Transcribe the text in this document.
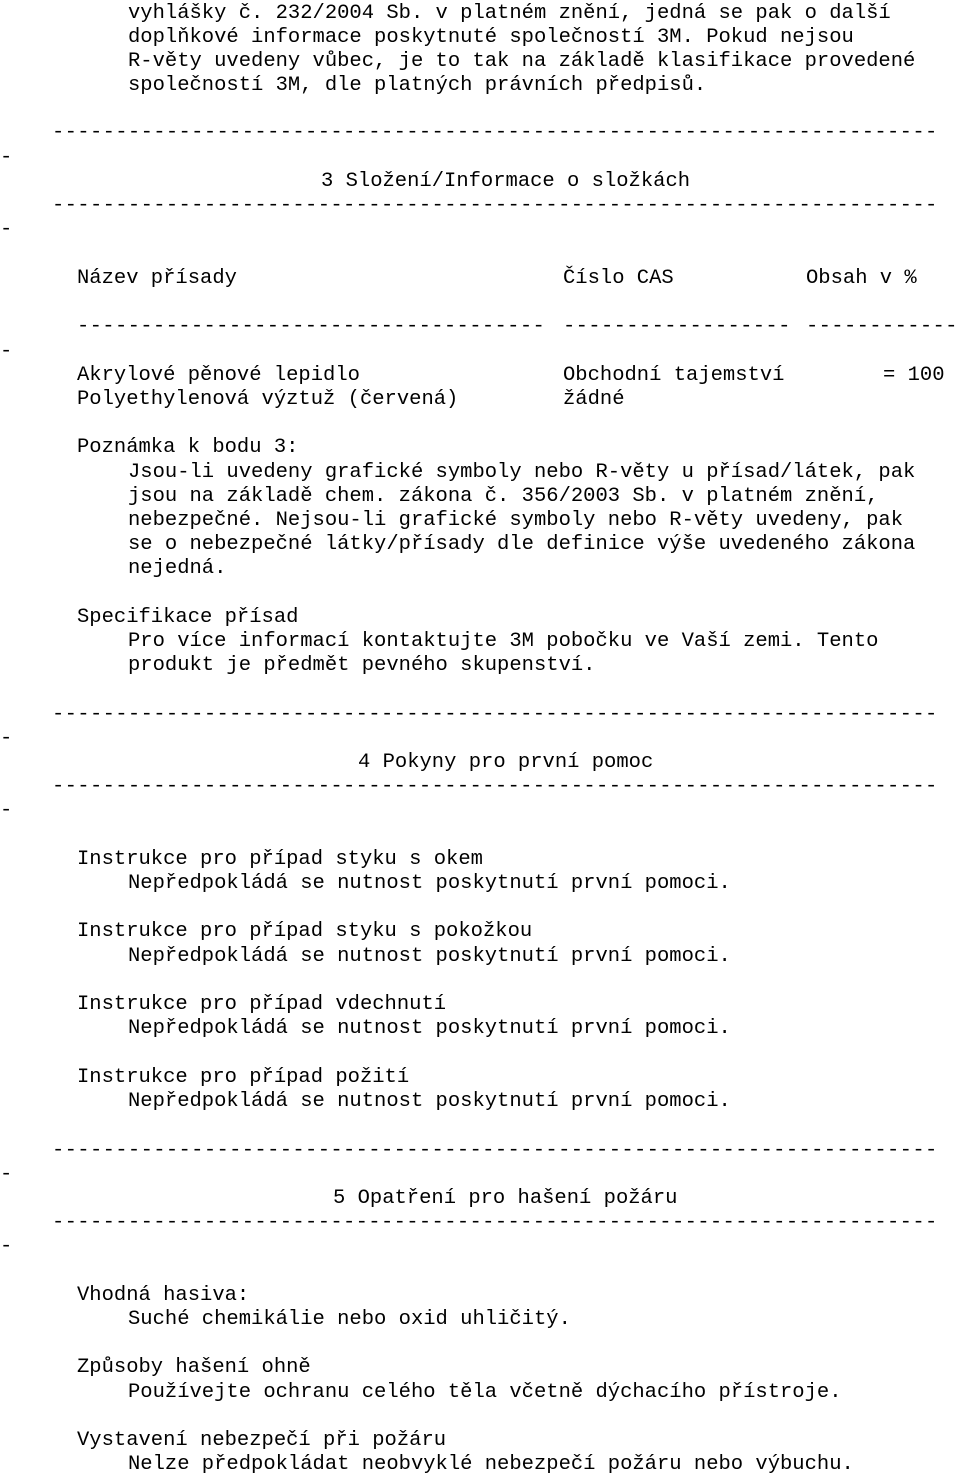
vyhlášky č. 232/2004 Sb. v platném znění, jedná se pak o další
doplňkové informace poskytnuté společností 3M. Pokud nejsou
R-věty uvedeny vůbec, je to tak na základě klasifikace provedené
společností 3M, dle platných právních předpisů.
----------------------------------------------------------------------
-
3 Složení/Informace o složkách
----------------------------------------------------------------------
-
Název přísady	Číslo CAS	Obsah v %
------------------------------------- ------------------ ------------
-
Akrylové pěnové lepidlo	Obchodní tajemství	= 100
Polyethylenová výztuž (červená)	žádné
Poznámka k bodu 3:
Jsou-li uvedeny grafické symboly nebo R-věty u přísad/látek, pak
jsou na základě chem. zákona č. 356/2003 Sb. v platném znění,
nebezpečné. Nejsou-li grafické symboly nebo R-věty uvedeny, pak
se o nebezpečné látky/přísady dle definice výše uvedeného zákona
nejedná.
Specifikace přísad
Pro více informací kontaktujte 3M pobočku ve Vaší zemi. Tento
produkt je předmět pevného skupenství.
----------------------------------------------------------------------
-
4 Pokyny pro první pomoc
----------------------------------------------------------------------
-
Instrukce pro případ styku s okem
Nepředpokládá se nutnost poskytnutí první pomoci.
Instrukce pro případ styku s pokožkou
Nepředpokládá se nutnost poskytnutí první pomoci.
Instrukce pro případ vdechnutí
Nepředpokládá se nutnost poskytnutí první pomoci.
Instrukce pro případ požití
Nepředpokládá se nutnost poskytnutí první pomoci.
----------------------------------------------------------------------
-
5 Opatření pro hašení požáru
----------------------------------------------------------------------
-
Vhodná hasiva:
Suché chemikálie nebo oxid uhličitý.
Způsoby hašení ohně
Používejte ochranu celého těla včetně dýchacího přístroje.
Vystavení nebezpečí při požáru
Nelze předpokládat neobvyklé nebezpečí požáru nebo výbuchu.
